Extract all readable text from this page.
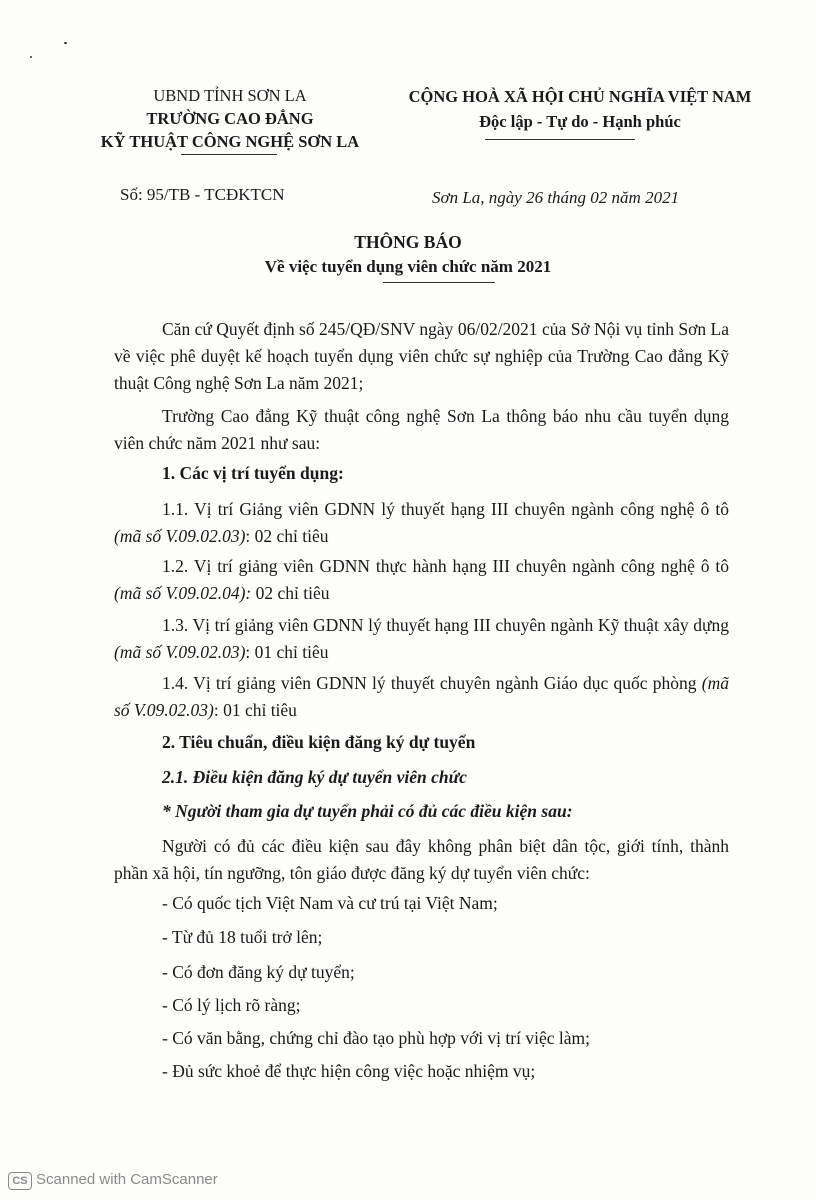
UBND TỈNH SƠN LA
TRƯỜNG CAO ĐẲNG
KỸ THUẬT CÔNG NGHỆ SƠN LA
CỘNG HOÀ XÃ HỘI CHỦ NGHĨA VIỆT NAM
Độc lập - Tự do - Hạnh phúc
Số: 95/TB - TCĐKTCN	Sơn La, ngày 26 tháng 02 năm 2021
THÔNG BÁO
Về việc tuyển dụng viên chức năm 2021
Căn cứ Quyết định số 245/QĐ/SNV ngày 06/02/2021 của Sở Nội vụ tỉnh Sơn La về việc phê duyệt kế hoạch tuyển dụng viên chức sự nghiệp của Trường Cao đẳng Kỹ thuật Công nghệ Sơn La năm 2021;
Trường Cao đẳng Kỹ thuật công nghệ Sơn La thông báo nhu cầu tuyển dụng viên chức năm 2021 như sau:
1. Các vị trí tuyển dụng:
1.1. Vị trí Giảng viên GDNN lý thuyết hạng III chuyên ngành công nghệ ô tô (mã số V.09.02.03): 02 chỉ tiêu
1.2. Vị trí giảng viên GDNN thực hành hạng III chuyên ngành công nghệ ô tô (mã số V.09.02.04): 02 chỉ tiêu
1.3. Vị trí giảng viên GDNN lý thuyết hạng III chuyên ngành Kỹ thuật xây dựng (mã số V.09.02.03): 01 chỉ tiêu
1.4. Vị trí giảng viên GDNN lý thuyết chuyên ngành Giáo dục quốc phòng (mã số V.09.02.03): 01 chỉ tiêu
2. Tiêu chuẩn, điều kiện đăng ký dự tuyển
2.1. Điều kiện đăng ký dự tuyển viên chức
* Người tham gia dự tuyển phải có đủ các điều kiện sau:
Người có đủ các điều kiện sau đây không phân biệt dân tộc, giới tính, thành phần xã hội, tín ngưỡng, tôn giáo được đăng ký dự tuyển viên chức:
- Có quốc tịch Việt Nam và cư trú tại Việt Nam;
- Từ đủ 18 tuổi trở lên;
- Có đơn đăng ký dự tuyển;
- Có lý lịch rõ ràng;
- Có văn bằng, chứng chỉ đào tạo phù hợp với vị trí việc làm;
- Đủ sức khoẻ để thực hiện công việc hoặc nhiệm vụ;
CS Scanned with CamScanner
